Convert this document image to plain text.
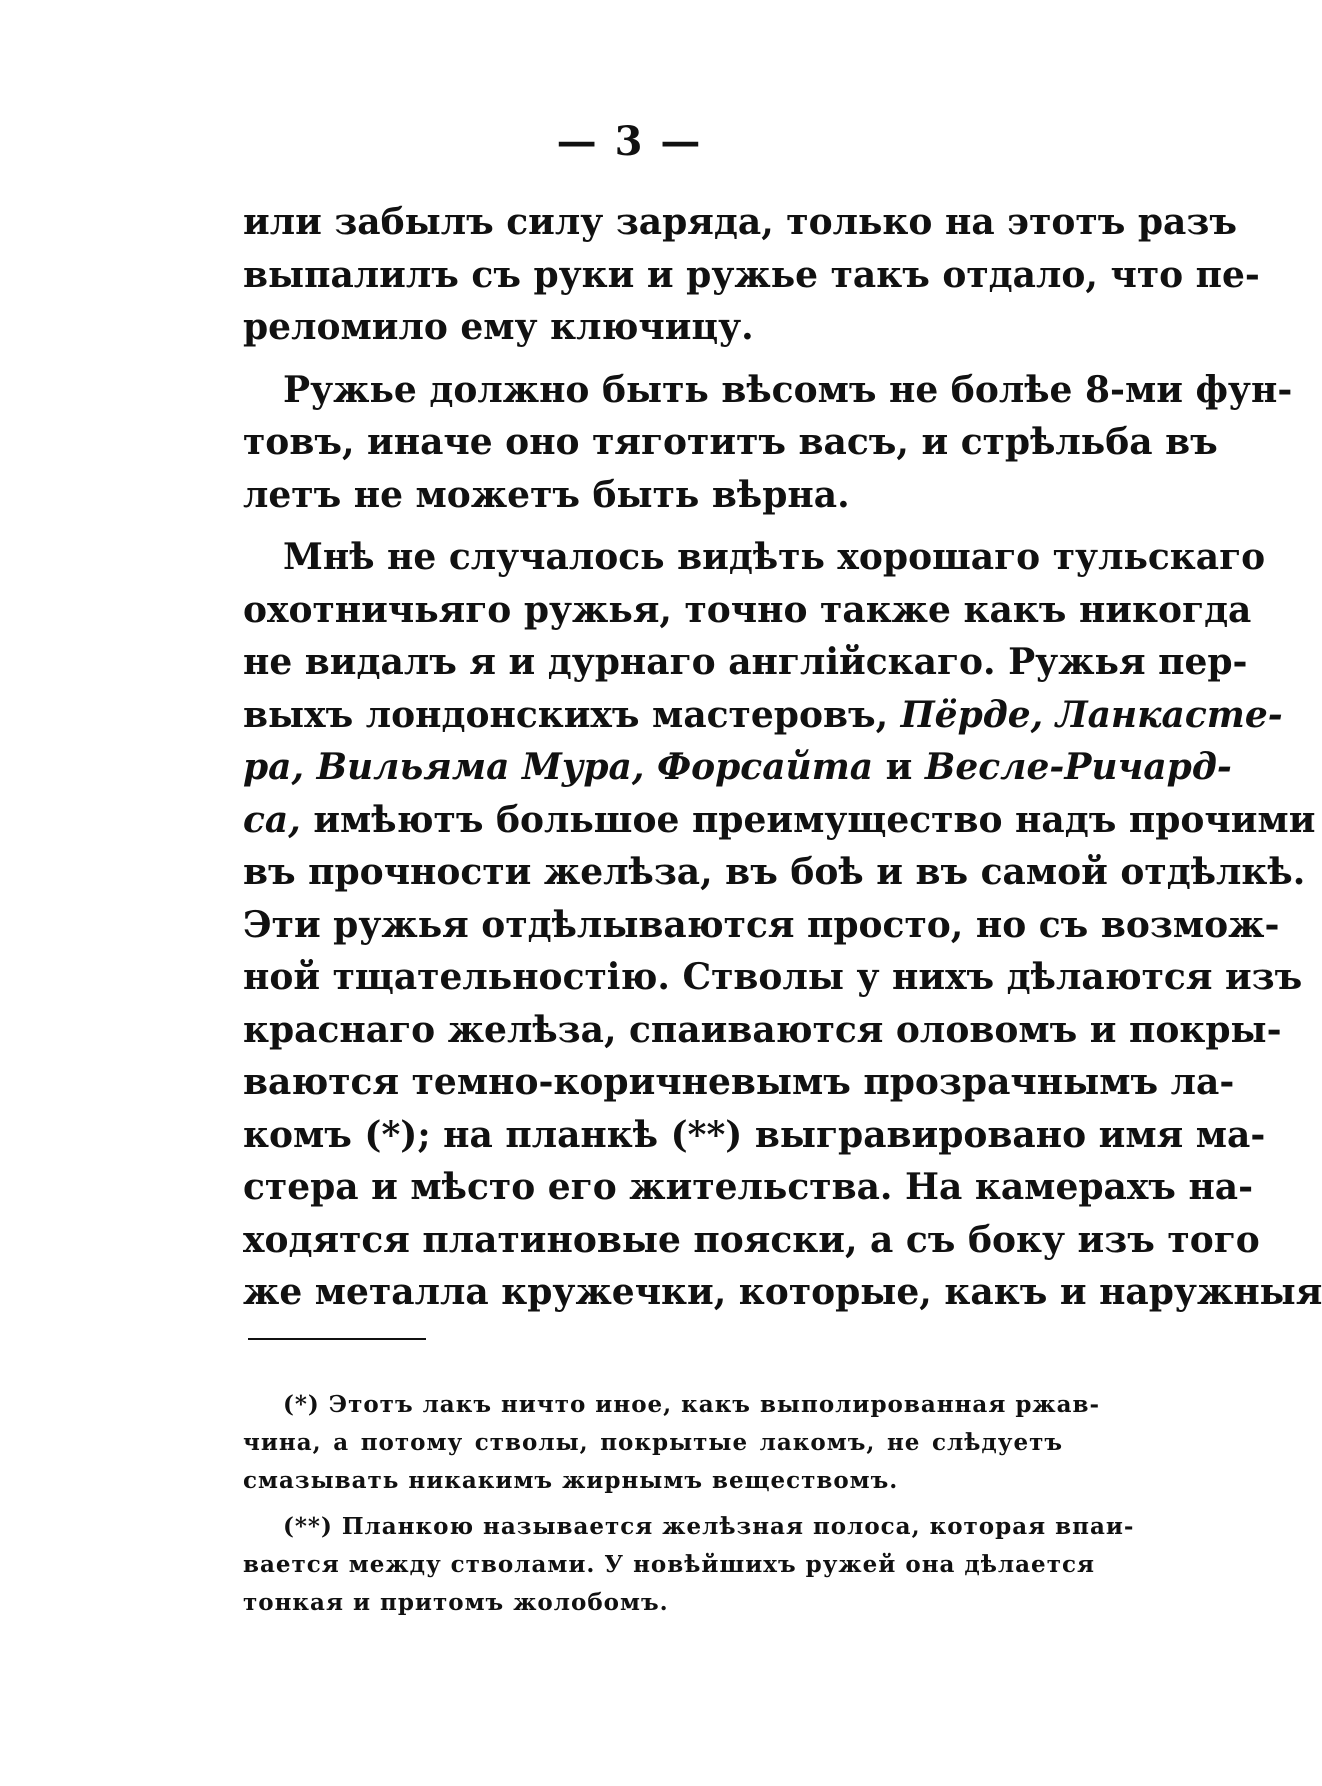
— 3 —
или забылъ силу заряда, только на этотъ разъ
выпалилъ съ руки и ружье такъ отдало, что пе-
реломило ему ключицу.
Ружье должно быть вѣсомъ не болѣе 8-ми фун-
товъ, иначе оно тяготитъ васъ, и стрѣльба въ
летъ не можетъ быть вѣрна.
Мнѣ не случалось видѣть хорошаго тульскаго
охотничьяго ружья, точно также какъ никогда
не видалъ я и дурнаго англійскаго. Ружья пер-
выхъ лондонскихъ мастеровъ, Пёрде, Ланкасте-
ра, Вильяма Мура, Форсайта и Весле-Ричард-
са, имѣютъ большое преимущество надъ прочими
въ прочности желѣза, въ боѣ и въ самой отдѣлкѣ.
Эти ружья отдѣлываются просто, но съ возмож-
ной тщательностію. Стволы у нихъ дѣлаются изъ
краснаго желѣза, спаиваются оловомъ и покры-
ваются темно-коричневымъ прозрачнымъ ла-
комъ (*); на планкѣ (**) выгравировано имя ма-
стера и мѣсто его жительства. На камерахъ на-
ходятся платиновые пояски, а съ боку изъ того
же металла кружечки, которые, какъ и наружныя
(*) Этотъ лакъ ничто иное, какъ выполированная ржав-
чина, а потому стволы, покрытые лакомъ, не слѣдуетъ
смазывать никакимъ жирнымъ веществомъ.
(**) Планкою называется желѣзная полоса, которая впаи-
вается между стволами. У новѣйшихъ ружей она дѣлается
тонкая и притомъ жолобомъ.
